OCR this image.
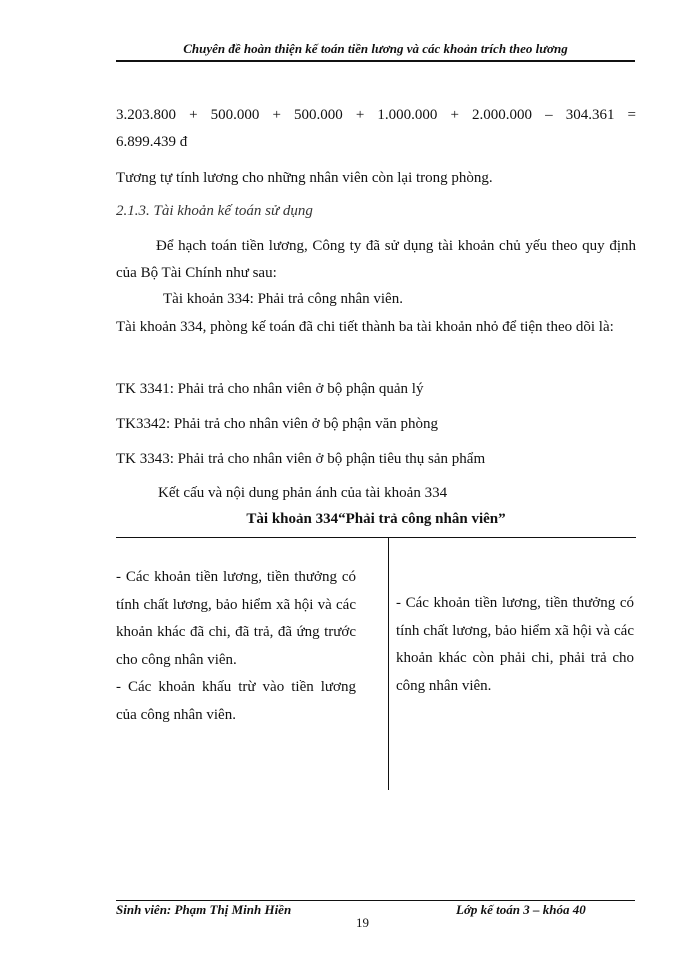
Chuyên đề hoàn thiện kế toán tiền lương và các khoản trích theo lương
3.203.800 + 500.000 + 500.000 + 1.000.000 + 2.000.000 – 304.361 =
6.899.439 đ
Tương tự tính lương cho những nhân viên còn lại trong phòng.
2.1.3. Tài khoản kế toán sử dụng
Để hạch toán tiền lương, Công ty đã sử dụng tài khoản chủ yếu theo quy định của Bộ Tài Chính như sau:
Tài khoản 334: Phải trả công nhân viên.
Tài khoản 334, phòng kế toán đã chi tiết thành ba tài khoản nhỏ để tiện theo dõi là:
TK 3341: Phải trả cho nhân viên ở bộ phận quản lý
TK3342: Phải trả cho nhân viên ở bộ phận văn phòng
TK 3343: Phải trả cho nhân viên ở bộ phận tiêu thụ sản phẩm
Kết cấu và nội dung phản ánh của tài khoản 334
Tài khoản 334“Phải trả công nhân viên”
- Các khoản tiền lương, tiền thưởng có tính chất lương, bảo hiểm xã hội và các khoản khác đã chi, đã trả, đã ứng trước cho công nhân viên.
- Các khoản khấu trừ vào tiền lương của công nhân viên.
- Các khoản tiền lương, tiền thưởng có tính chất lương, bảo hiểm xã hội và các khoản khác còn phải chi, phải trả cho công nhân viên.
Sinh viên: Phạm Thị Minh Hiền	Lớp kế toán 3 – khóa 40
19
